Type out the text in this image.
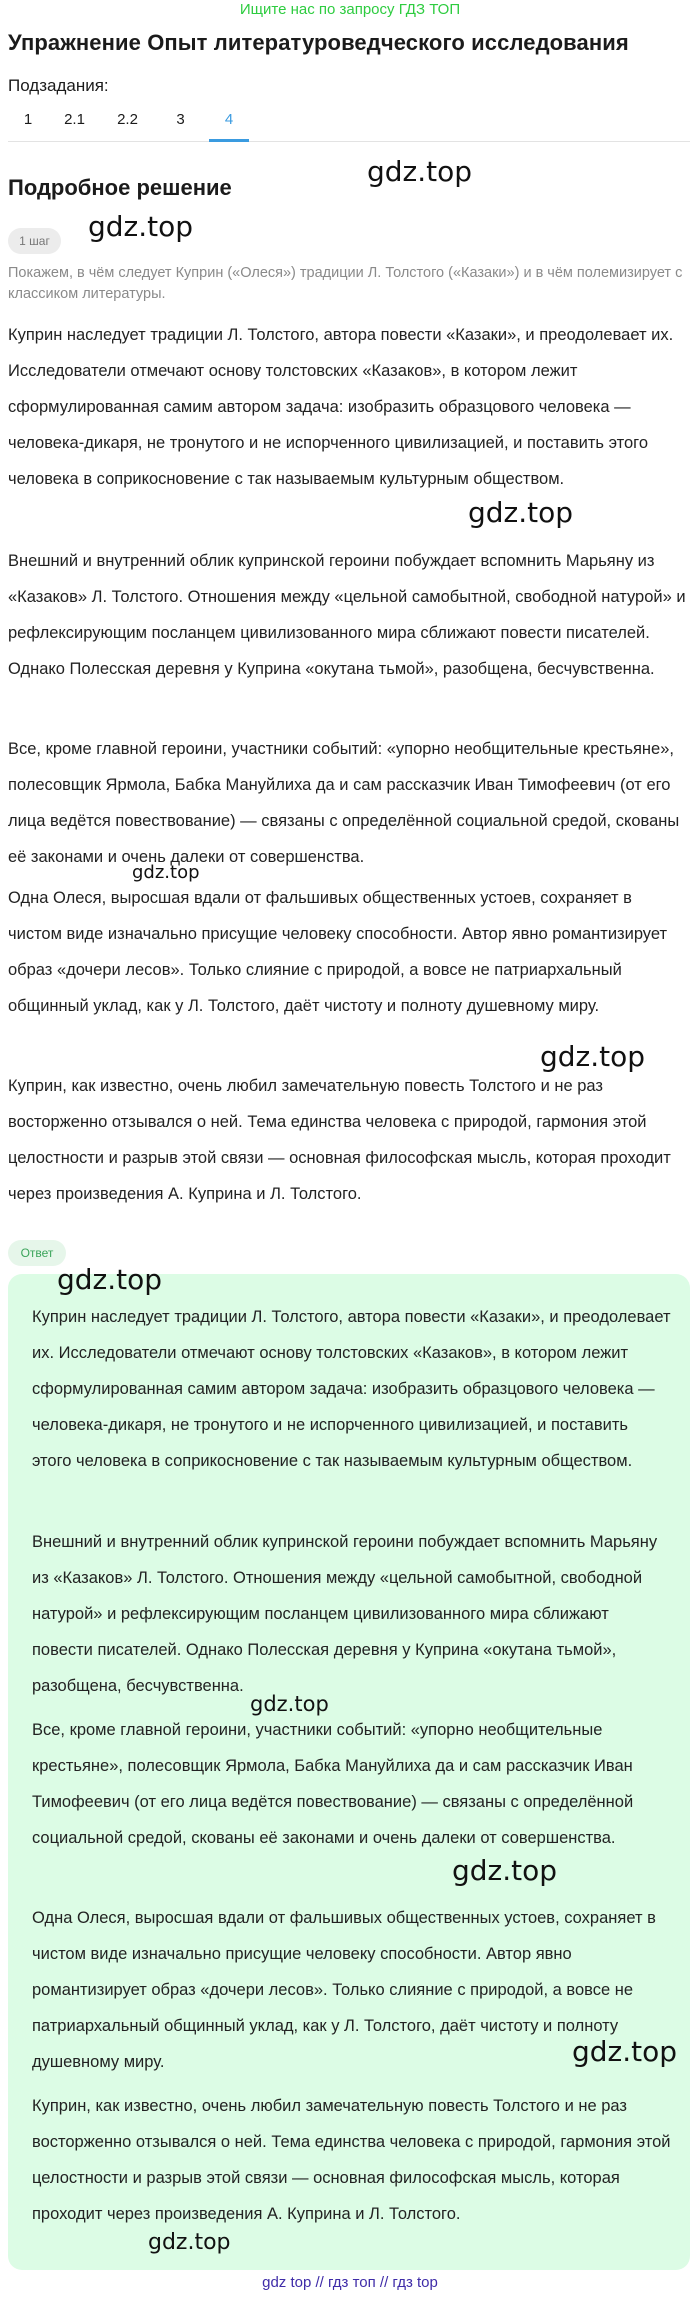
Ищите нас по запросу ГДЗ ТОП
Упражнение Опыт литературоведческого исследования
Подзадания:
1	2.1	2.2	3	4
Подробное решение
1 шаг
Покажем, в чём следует Куприн («Олеся») традиции Л. Толстого («Казаки») и в чём полемизирует с классиком литературы.
Куприн наследует традиции Л. Толстого, автора повести «Казаки», и преодолевает их. Исследователи отмечают основу толстовских «Казаков», в котором лежит сформулированная самим автором задача: изобразить образцового человека — человека-дикаря, не тронутого и не испорченного цивилизацией, и поставить этого человека в соприкосновение с так называемым культурным обществом.
Внешний и внутренний облик купринской героини побуждает вспомнить Марьяну из «Казаков» Л. Толстого. Отношения между «цельной самобытной, свободной натурой» и рефлексирующим посланцем цивилизованного мира сближают повести писателей. Однако Полесская деревня у Куприна «окутана тьмой», разобщена, бесчувственна.
Все, кроме главной героини, участники событий: «упорно необщительные крестьяне», полесовщик Ярмола, Бабка Мануйлиха да и сам рассказчик Иван Тимофеевич (от его лица ведётся повествование) — связаны с определённой социальной средой, скованы её законами и очень далеки от совершенства.
Одна Олеся, выросшая вдали от фальшивых общественных устоев, сохраняет в чистом виде изначально присущие человеку способности. Автор явно романтизирует образ «дочери лесов». Только слияние с природой, а вовсе не патриархальный общинный уклад, как у Л. Толстого, даёт чистоту и полноту душевному миру.
Куприн, как известно, очень любил замечательную повесть Толстого и не раз восторженно отзывался о ней. Тема единства человека с природой, гармония этой целостности и разрыв этой связи — основная философская мысль, которая проходит через произведения А. Куприна и Л. Толстого.
Ответ
Куприн наследует традиции Л. Толстого, автора повести «Казаки», и преодолевает их. Исследователи отмечают основу толстовских «Казаков», в котором лежит сформулированная самим автором задача: изобразить образцового человека — человека-дикаря, не тронутого и не испорченного цивилизацией, и поставить этого человека в соприкосновение с так называемым культурным обществом.
Внешний и внутренний облик купринской героини побуждает вспомнить Марьяну из «Казаков» Л. Толстого. Отношения между «цельной самобытной, свободной натурой» и рефлексирующим посланцем цивилизованного мира сближают повести писателей. Однако Полесская деревня у Куприна «окутана тьмой», разобщена, бесчувственна.
Все, кроме главной героини, участники событий: «упорно необщительные крестьяне», полесовщик Ярмола, Бабка Мануйлиха да и сам рассказчик Иван Тимофеевич (от его лица ведётся повествование) — связаны с определённой социальной средой, скованы её законами и очень далеки от совершенства.
Одна Олеся, выросшая вдали от фальшивых общественных устоев, сохраняет в чистом виде изначально присущие человеку способности. Автор явно романтизирует образ «дочери лесов». Только слияние с природой, а вовсе не патриархальный общинный уклад, как у Л. Толстого, даёт чистоту и полноту душевному миру.
Куприн, как известно, очень любил замечательную повесть Толстого и не раз восторженно отзывался о ней. Тема единства человека с природой, гармония этой целостности и разрыв этой связи — основная философская мысль, которая проходит через произведения А. Куприна и Л. Толстого.
gdz.top
gdz.top
gdz.top
gdz.top
gdz.top
gdz.top
gdz.top
gdz.top
gdz.top
gdz.top
gdz top // гдз топ // гдз top
